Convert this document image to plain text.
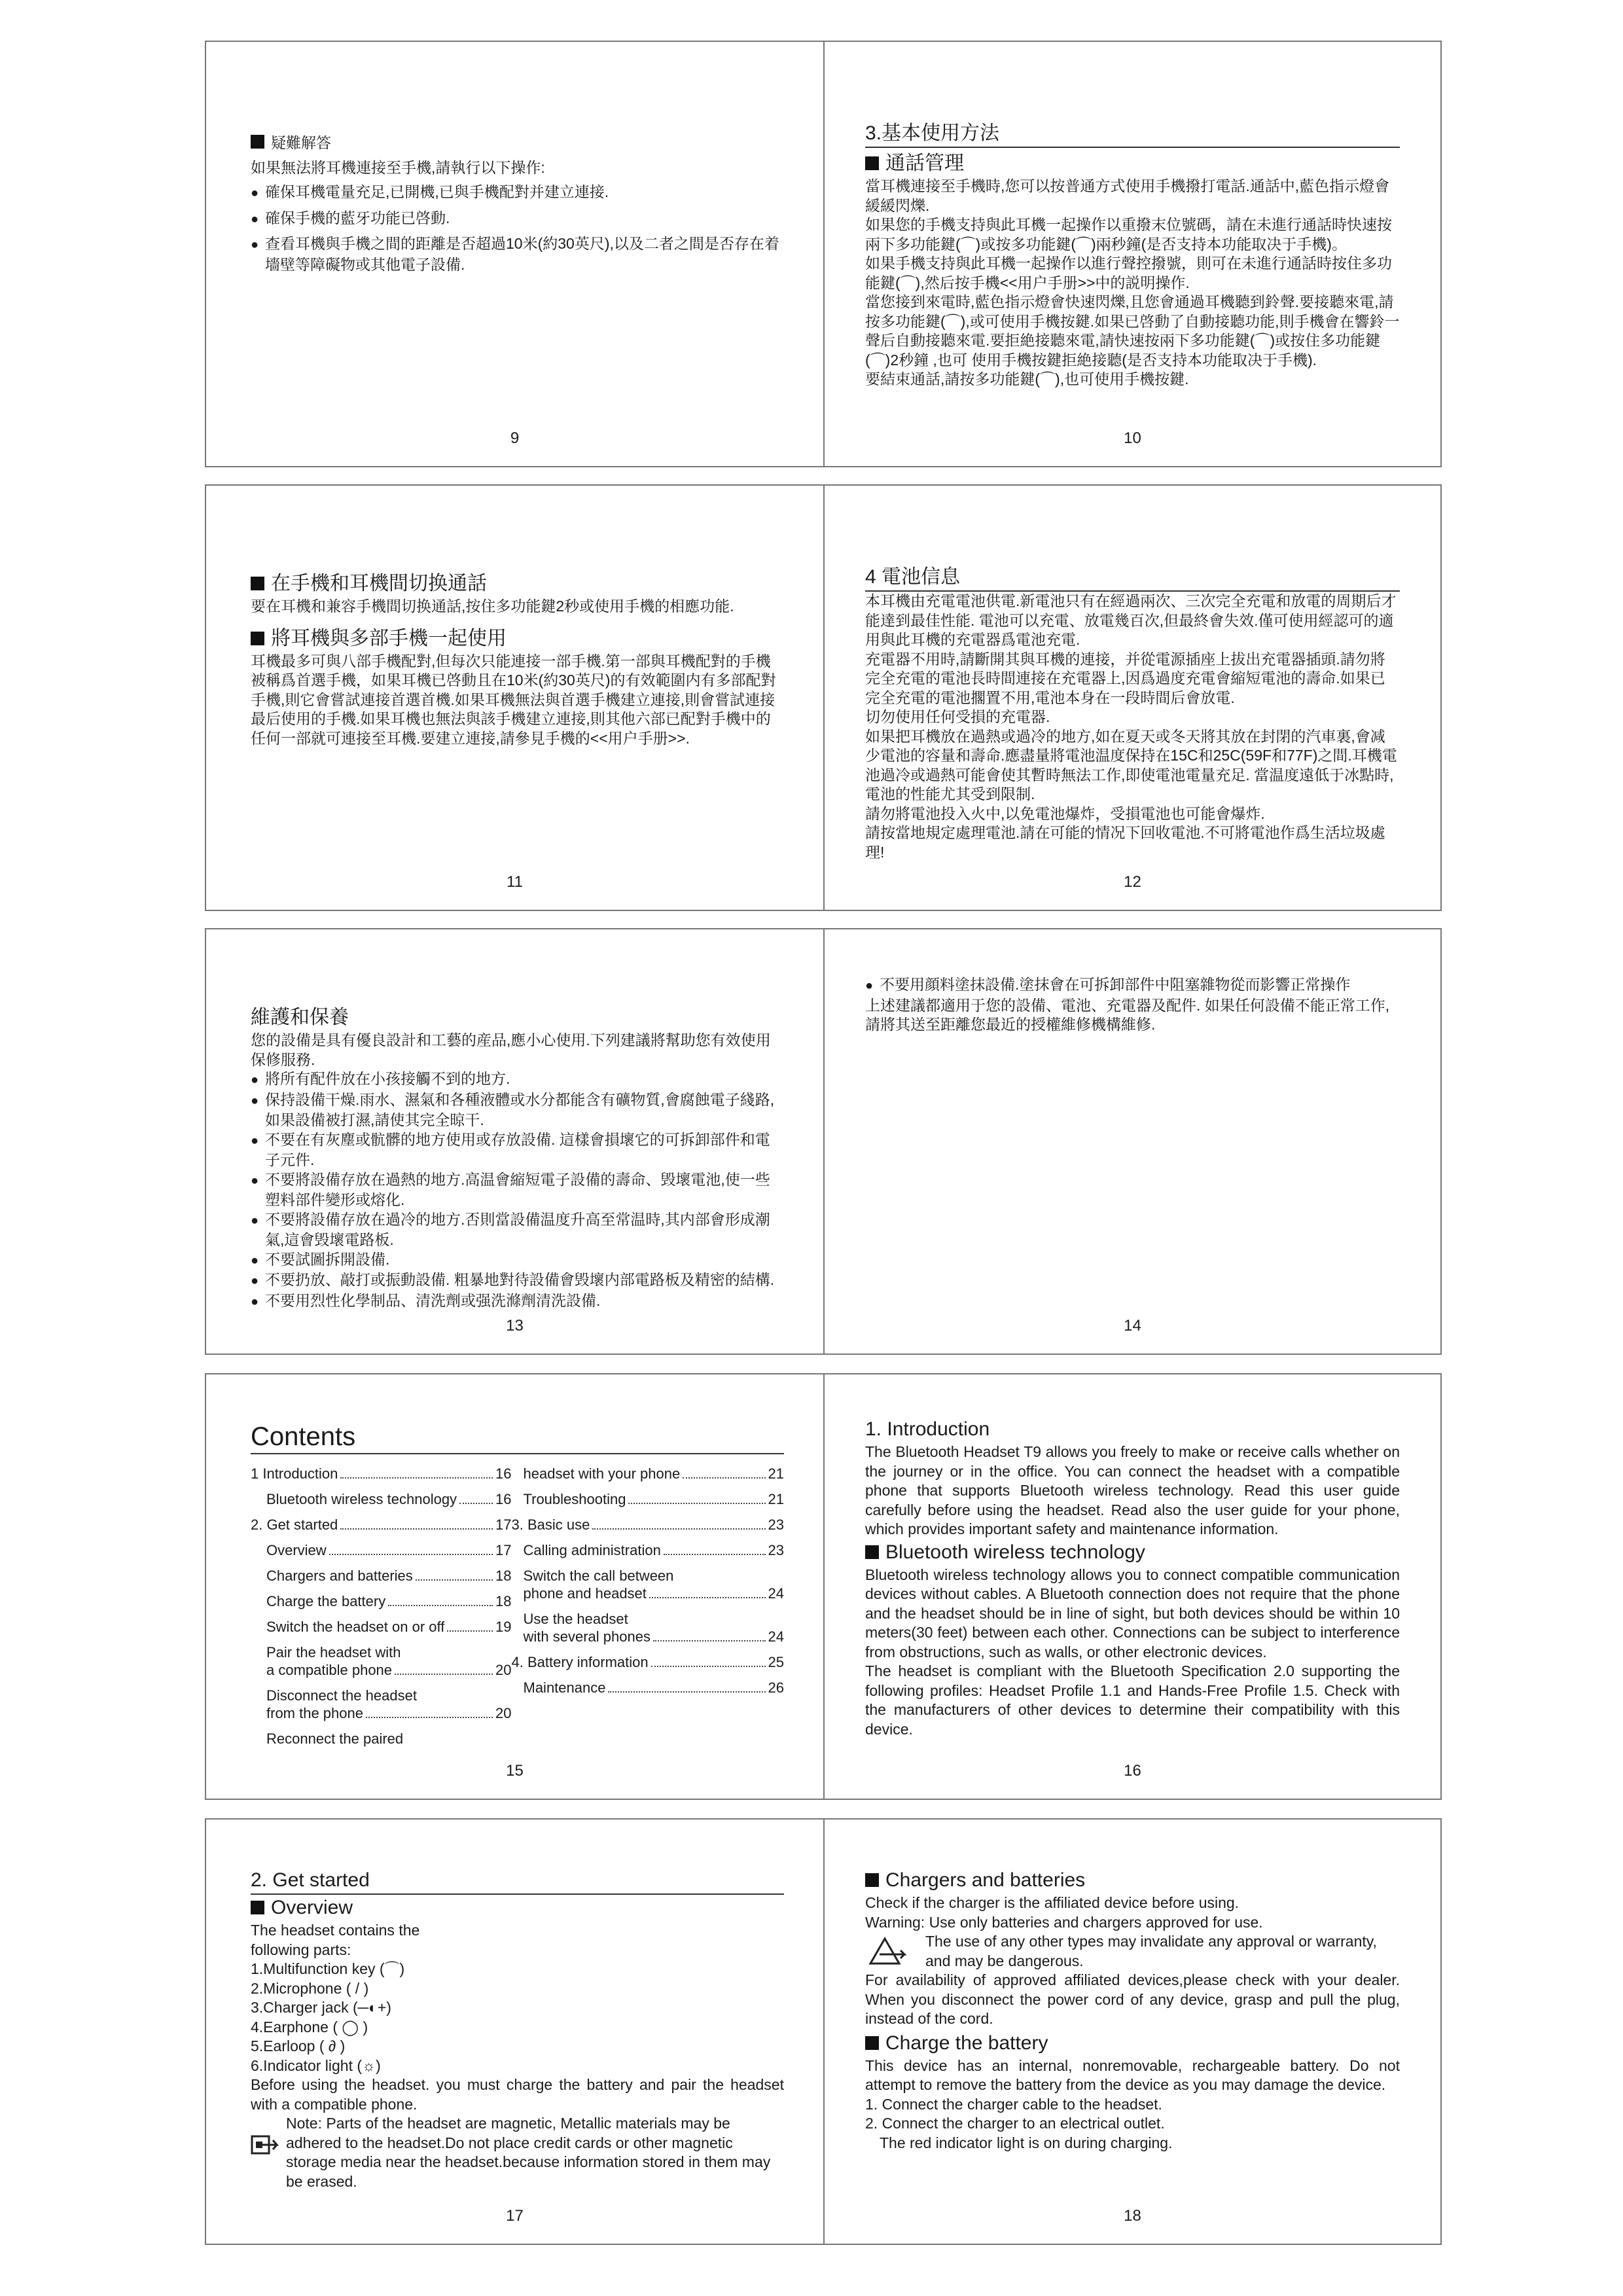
疑難解答

如果無法將耳機連接至手機,請執行以下操作:

● 確保耳機電量充足,已開機,已與手機配對并建立連接.

● 確保手機的藍牙功能已啓動.

● 查看耳機與手機之間的距離是否超過10米(約30英尺),以及二者之間是否存在着墻壁等障礙物或其他電子設備.

9

3.基本使用方法

通話管理

當耳機連接至手機時,您可以按普通方式使用手機撥打電話.通話中,藍色指示燈會緩緩閃爍.

如果您的手機支持與此耳機一起操作以重撥末位號碼，請在未進行通話時快速按兩下多功能鍵(⌒)或按多功能鍵(⌒)兩秒鐘(是否支持本功能取决于手機)。

如果手機支持與此耳機一起操作以進行聲控撥號，則可在未進行通話時按住多功能鍵(⌒),然后按手機<<用户手册>>中的説明操作.

當您接到來電時,藍色指示燈會快速閃爍,且您會通過耳機聽到鈴聲.要接聽來電,請按多功能鍵(⌒),或可使用手機按鍵.如果已啓動了自動接聽功能,則手機會在響鈴一聲后自動接聽來電.要拒絶接聽來電,請快速按兩下多功能鍵(⌒)或按住多功能鍵(⌒)2秒鐘 ,也可 使用手機按鍵拒絶接聽(是否支持本功能取决于手機).

要結束通話,請按多功能鍵(⌒),也可使用手機按鍵.

10

在手機和耳機間切换通話

要在耳機和兼容手機間切换通話,按住多功能鍵2秒或使用手機的相應功能.

將耳機與多部手機一起使用

耳機最多可與八部手機配對,但每次只能連接一部手機.第一部與耳機配對的手機被稱爲首選手機，如果耳機已啓動且在10米(約30英尺)的有效範圍内有多部配對手機,則它會嘗試連接首選首機.如果耳機無法與首選手機建立連接,則會嘗試連接最后使用的手機.如果耳機也無法與該手機建立連接,則其他六部已配對手機中的任何一部就可連接至耳機.要建立連接,請參見手機的<<用户手册>>.

11

4 電池信息

本耳機由充電電池供電.新電池只有在經過兩次、三次完全充電和放電的周期后才能達到最佳性能. 電池可以充電、放電幾百次,但最終會失效.僅可使用經認可的適用與此耳機的充電器爲電池充電.

充電器不用時,請斷開其與耳機的連接，并從電源插座上拔出充電器插頭.請勿將完全充電的電池長時間連接在充電器上,因爲過度充電會縮短電池的壽命.如果已完全充電的電池擱置不用,電池本身在一段時間后會放電.

切勿使用任何受損的充電器.

如果把耳機放在過熱或過冷的地方,如在夏天或冬天將其放在封閉的汽車裏,會减少電池的容量和壽命.應盡量將電池温度保持在15C和25C(59F和77F)之間.耳機電池過冷或過熱可能會使其暫時無法工作,即使電池電量充足. 當温度遠低于冰點時,電池的性能尤其受到限制.

請勿將電池投入火中,以免電池爆炸，受損電池也可能會爆炸.

請按當地規定處理電池.請在可能的情况下回收電池.不可將電池作爲生活垃圾處理!

12

維護和保養

您的設備是具有優良設計和工藝的産品,應小心使用.下列建議將幫助您有效使用保修服務.

● 將所有配件放在小孩接觸不到的地方.

● 保持設備干燥.雨水、濕氣和各種液體或水分都能含有礦物質,會腐蝕電子綫路,如果設備被打濕,請使其完全晾干.

● 不要在有灰塵或骯髒的地方使用或存放設備. 這樣會損壞它的可拆卸部件和電子元件.

● 不要將設備存放在過熱的地方.高温會縮短電子設備的壽命、毁壞電池,使一些塑料部件變形或熔化.

● 不要將設備存放在過冷的地方.否則當設備温度升高至常温時,其内部會形成潮氣,這會毁壞電路板.

● 不要試圖拆開設備.

● 不要扔放、敲打或振動設備. 粗暴地對待設備會毁壞内部電路板及精密的結構.

● 不要用烈性化學制品、清洗劑或强洗滌劑清洗設備.

13

● 不要用顔料塗抹設備.塗抹會在可拆卸部件中阻塞雜物從而影響正常操作

上述建議都適用于您的設備、電池、充電器及配件. 如果任何設備不能正常工作,請將其送至距離您最近的授權維修機構維修.

14

Contents

1 Introduction	16
Bluetooth wireless technology	16
2. Get started	17
Overview	17
Chargers and batteries	18
Charge the battery	18
Switch the headset on or off	19
Pair the headset with
a compatible phone	20
Disconnect the headset
from the phone	20
Reconnect the paired
headset with your phone	21
Troubleshooting	21
3. Basic use	23
Calling administration	23
Switch the call between
phone and headset	24
Use the headset
with several phones	24
4. Battery information	25
Maintenance	26
15

1. Introduction

The Bluetooth Headset T9 allows you freely to make or receive calls whether on the journey or in the office. You can connect the headset with a compatible phone that supports Bluetooth wireless technology. Read this user guide carefully before using the headset. Read also the user guide for your phone, which provides important safety and maintenance information.

Bluetooth wireless technology

Bluetooth wireless technology allows you to connect compatible communication devices without cables. A Bluetooth connection does not require that the phone and the headset should be in line of sight, but both devices should be within 10 meters(30 feet) between each other. Connections can be subject to interference from obstructions, such as walls, or other electronic devices.

The headset is compliant with the Bluetooth Specification 2.0 supporting the following profiles: Headset Profile 1.1 and Hands-Free Profile 1.5. Check with the manufacturers of other devices to determine their compatibility with this device.

16

2. Get started

Overview

The headset contains the

following parts:

1.Multifunction key (⌒)

2.Microphone ( / )

3.Charger jack (─◐+)

4.Earphone ( ◯ )

5.Earloop ( ∂ )

6.Indicator light (☼)

Before using the headset. you must charge the battery and pair the headset with a compatible phone.

Note: Parts of the headset are magnetic, Metallic materials may be adhered to the headset.Do not place credit cards or other magnetic storage media near the headset.because information stored in them may be erased.

17

Chargers and batteries

Check if the charger is the affiliated device before using.

Warning: Use only batteries and chargers approved for use.

The use of any other types may invalidate any approval or warranty, and may be dangerous.

For availability of approved affiliated devices,please check with your dealer. When you disconnect the power cord of any device, grasp and pull the plug, instead of the cord.

Charge the battery

This device has an internal, nonremovable, rechargeable battery. Do not attempt to remove the battery from the device as you may damage the device.

1. Connect the charger cable to the headset.

2. Connect the charger to an electrical outlet.

The red indicator light is on during charging.

18
